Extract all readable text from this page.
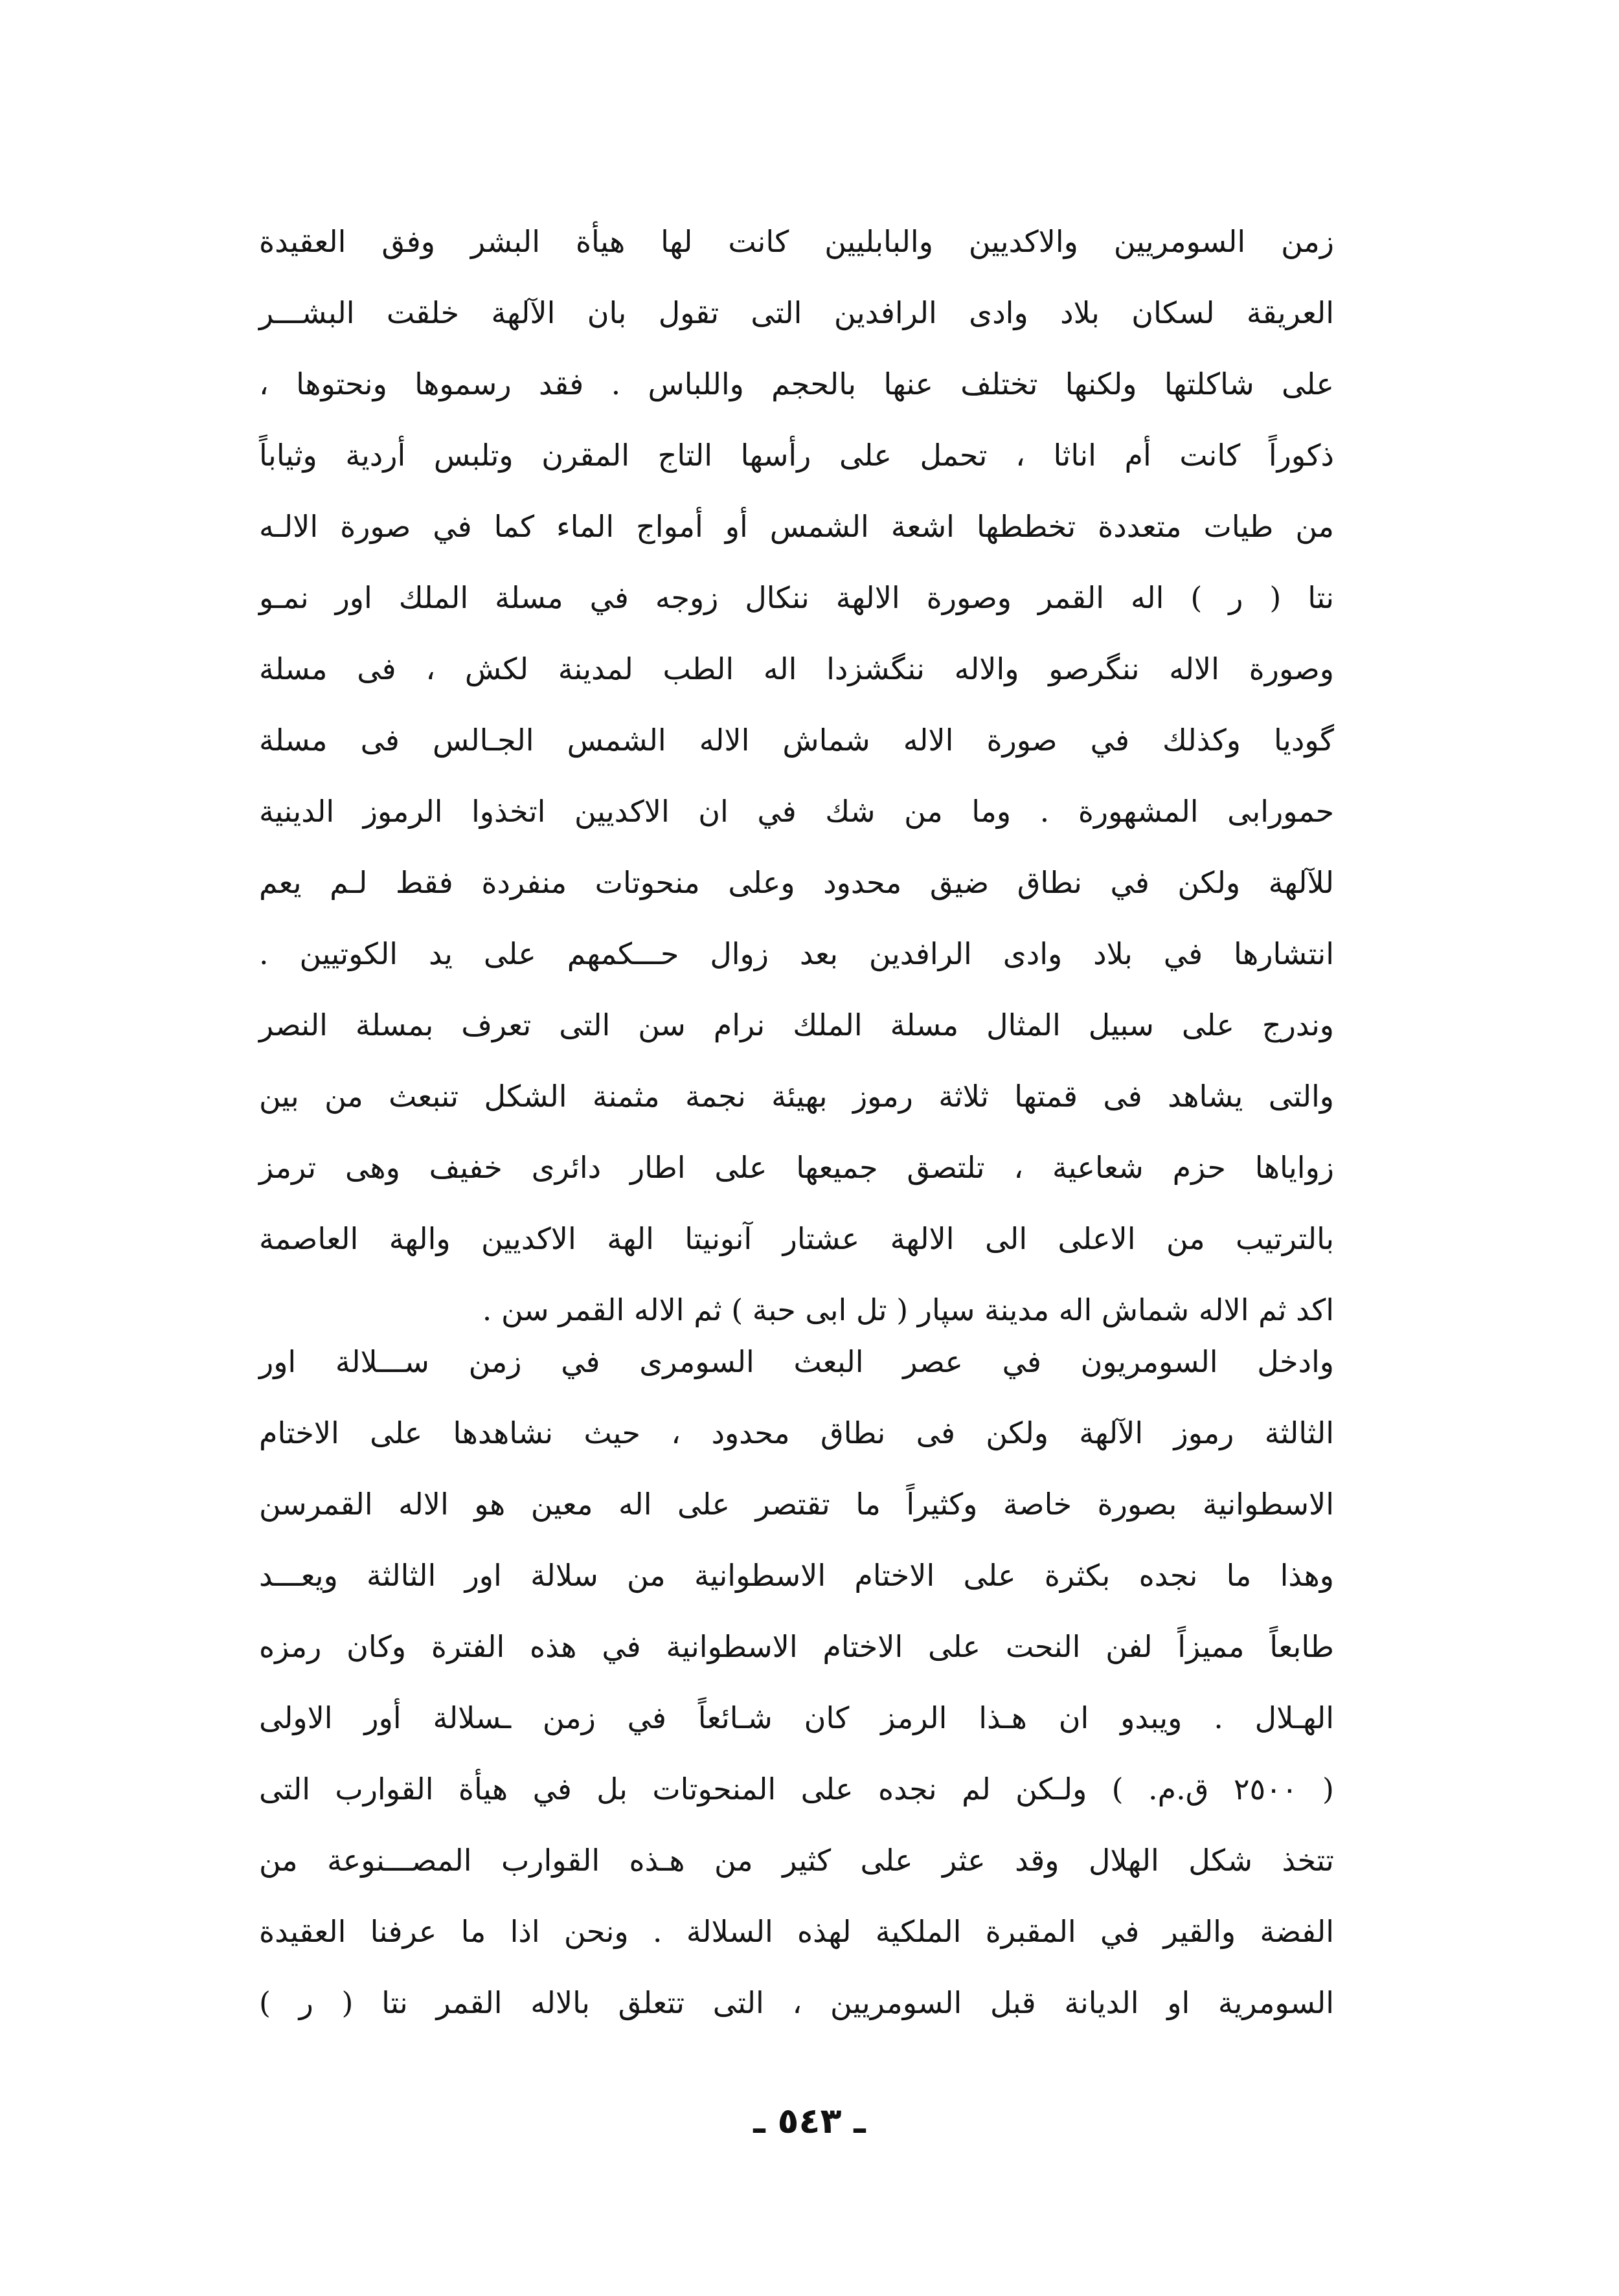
زمن السومريين والاكديين والبابليين كانت لها هيأة البشر وفق العقيدة
العريقة لسكان بلاد وادى الرافدين التى تقول بان الآلهة خلقت البشـــر
على شاكلتها ولكنها تختلف عنها بالحجم واللباس . فقد رسموها ونحتوها ،
ذكوراً كانت أم اناثا ، تحمل على رأسها التاج المقرن وتلبس أردية وثياباً
من طيات متعددة تخططها اشعة الشمس أو أمواج الماء كما في صورة الالـه
نتا ( ر ) اله القمر وصورة الالهة ننكال زوجه في مسلة الملك اور نمـو
وصورة الاله ننگرصو والاله ننگشزدا اله الطب لمدينة لكش ، فى مسلة
گوديا وكذلك في صورة الاله شماش الاله الشمس الجـالس فى مسلة
حمورابى المشهورة . وما من شك في ان الاكديين اتخذوا الرموز الدينية
للآلهة ولكن في نطاق ضيق محدود وعلى منحوتات منفردة فقط لـم يعم
انتشارها في بلاد وادى الرافدين بعد زوال حـــكمهم على يد الكوتيين .
وندرج على سبيل المثال مسلة الملك نرام سن التى تعرف بمسلة النصر
والتى يشاهد فى قمتها ثلاثة رموز بهيئة نجمة مثمنة الشكل تنبعث من بين
زواياها حزم شعاعية ، تلتصق جميعها على اطار دائرى خفيف وهى ترمز
بالترتيب من الاعلى الى الالهة عشتار آنونيتا الهة الاكديين والهة العاصمة
اكد ثم الاله شماش اله مدينة سپار ( تل ابى حبة ) ثم الاله القمر سن .
وادخل السومريون في عصر البعث السومرى في زمن ســـلالة اور
الثالثة رموز الآلهة ولكن فى نطاق محدود ، حيث نشاهدها على الاختام
الاسطوانية بصورة خاصة وكثيراً ما تقتصر على اله معين هو الاله القمرسن
وهذا ما نجده بكثرة على الاختام الاسطوانية من سلالة اور الثالثة ويعـــد
طابعاً مميزاً لفن النحت على الاختام الاسطوانية في هذه الفترة وكان رمزه
الهـلال . ويبدو ان هـذا الرمز كان شـائعاً في زمن ـسلالة أور الاولى
( ٢٥٠٠ ق.م. ) ولـكن لم نجده على المنحوتات بل في هيأة القوارب التى
تتخذ شكل الهلال وقد عثر على كثير من هـذه القوارب المصـــنوعة من
الفضة والقير في المقبرة الملكية لهذه السلالة . ونحن اذا ما عرفنا العقيدة
السومرية او الديانة قبل السومريين ، التى تتعلق بالاله القمر نتا ( ر )
ـ ٥٤٣ ـ
